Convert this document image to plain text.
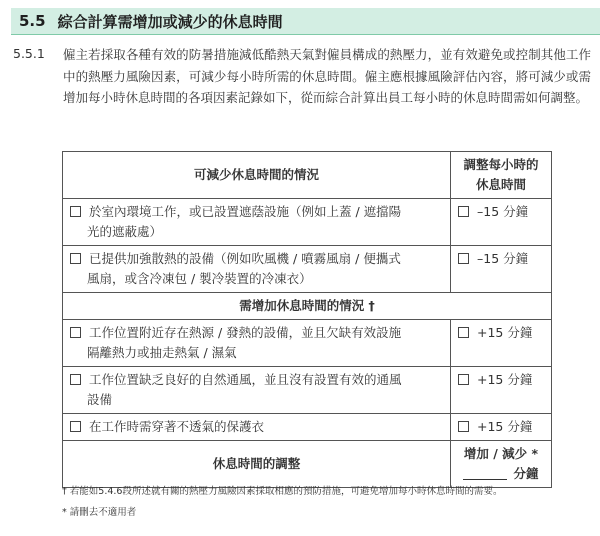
5.5 綜合計算需增加或減少的休息時間
5.5.1 僱主若採取各種有效的防暑措施減低酷熱天氣對僱員構成的熱壓力，並有效避免或控制其他工作中的熱壓力風險因素，可減少每小時所需的休息時間。僱主應根據風險評估內容，將可減少或需增加每小時休息時間的各項因素記錄如下，從而綜合計算出員工每小時的休息時間需如何調整。

可減少休息時間的情況	調整每小時的
休息時間
於室內環境工作，或已設置遮蔭設施（例如上蓋 / 遮擋陽
光的遮蔽處）	–15 分鐘
已提供加強散熱的設備（例如吹風機 / 噴霧風扇 / 便攜式
風扇，或含冷凍包 / 製冷裝置的冷凍衣）	–15 分鐘
需增加休息時間的情況 †	
工作位置附近存在熱源 / 發熱的設備，並且欠缺有效設施
隔離熱力或抽走熱氣 / 濕氣	+15 分鐘
工作位置缺乏良好的自然通風，並且沒有設置有效的通風
設備	+15 分鐘
在工作時需穿著不透氣的保護衣	+15 分鐘
休息時間的調整	增加 / 減少 *
分鐘
† 若能如5.4.6段所述就有關的熱壓力風險因素採取相應的預防措施，可避免增加每小時休息時間的需要。
* 請刪去不適用者
